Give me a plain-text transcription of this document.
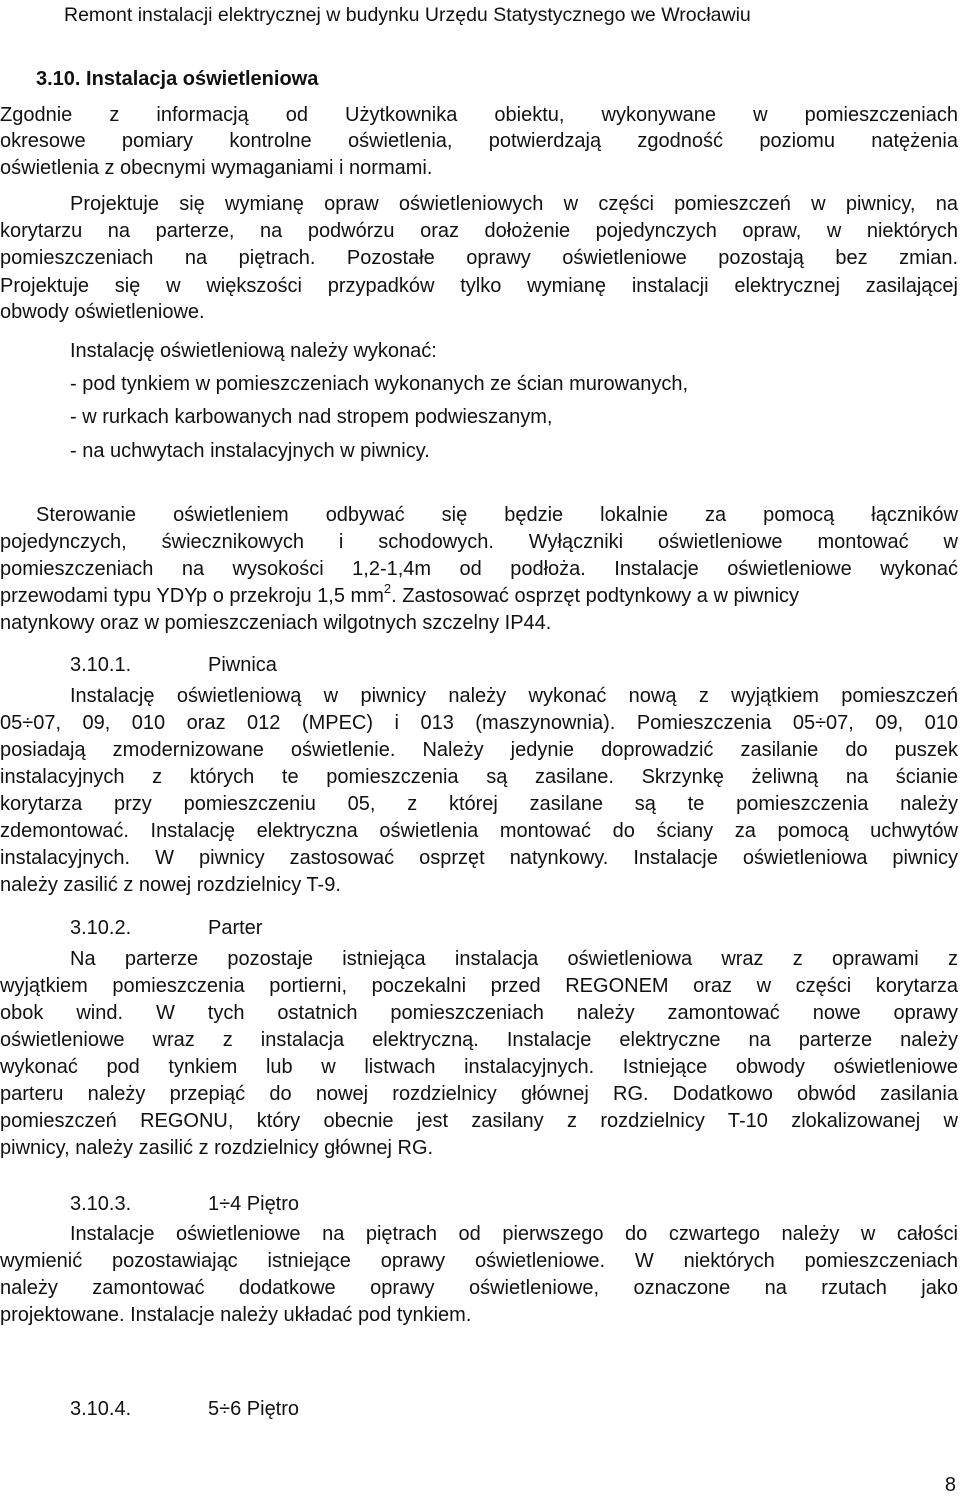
Remont instalacji elektrycznej w budynku Urzędu Statystycznego we Wrocławiu
3.10. Instalacja oświetleniowa
Zgodnie z informacją od Użytkownika obiektu, wykonywane w pomieszczeniach
okresowe pomiary kontrolne oświetlenia, potwierdzają zgodność poziomu natężenia
oświetlenia z obecnymi wymaganiami i normami.
Projektuje się wymianę opraw oświetleniowych w części pomieszczeń w piwnicy, na
korytarzu na parterze, na podwórzu oraz dołożenie pojedynczych opraw, w niektórych
pomieszczeniach na piętrach. Pozostałe oprawy oświetleniowe pozostają bez zmian.
Projektuje się w większości przypadków tylko wymianę instalacji elektrycznej zasilającej
obwody oświetleniowe.
Instalację oświetleniową należy wykonać:
- pod tynkiem w pomieszczeniach wykonanych ze ścian murowanych,
- w rurkach karbowanych nad stropem podwieszanym,
- na uchwytach instalacyjnych w piwnicy.
Sterowanie oświetleniem odbywać się będzie lokalnie za pomocą łączników
pojedynczych, świecznikowych i schodowych. Wyłączniki oświetleniowe montować w
pomieszczeniach na wysokości 1,2-1,4m od podłoża. Instalacje oświetleniowe wykonać
przewodami typu YDYp o przekroju 1,5 $mm^2$. Zastosować osprzęt podtynkowy a w piwnicy
natynkowy oraz w pomieszczeniach wilgotnych szczelny IP44.
3.10.1.	Piwnica
Instalację oświetleniową w piwnicy należy wykonać nową z wyjątkiem pomieszczeń
05÷07, 09, 010 oraz 012 (MPEC) i 013 (maszynownia). Pomieszczenia 05÷07, 09, 010
posiadają zmodernizowane oświetlenie. Należy jedynie doprowadzić zasilanie do puszek
instalacyjnych z których te pomieszczenia są zasilane. Skrzynkę żeliwną na ścianie
korytarza przy pomieszczeniu 05, z której zasilane są te pomieszczenia należy
zdemontować. Instalację elektryczna oświetlenia montować do ściany za pomocą uchwytów
instalacyjnych. W piwnicy zastosować osprzęt natynkowy. Instalacje oświetleniowa piwnicy
należy zasilić z nowej rozdzielnicy T-9.
3.10.2.	Parter
Na parterze pozostaje istniejąca instalacja oświetleniowa wraz z oprawami z
wyjątkiem pomieszczenia portierni, poczekalni przed REGONEM oraz w części korytarza
obok wind. W tych ostatnich pomieszczeniach należy zamontować nowe oprawy
oświetleniowe wraz z instalacja elektryczną. Instalacje elektryczne na parterze należy
wykonać pod tynkiem lub w listwach instalacyjnych. Istniejące obwody oświetleniowe
parteru należy przepiąć do nowej rozdzielnicy głównej RG. Dodatkowo obwód zasilania
pomieszczeń REGONU, który obecnie jest zasilany z rozdzielnicy T-10 zlokalizowanej w
piwnicy, należy zasilić z rozdzielnicy głównej RG.
3.10.3.	1÷4 Piętro
Instalacje oświetleniowe na piętrach od pierwszego do czwartego należy w całości
wymienić pozostawiając istniejące oprawy oświetleniowe. W niektórych pomieszczeniach
należy zamontować dodatkowe oprawy oświetleniowe, oznaczone na rzutach jako
projektowane. Instalacje należy układać pod tynkiem.
3.10.4.	5÷6 Piętro
8
